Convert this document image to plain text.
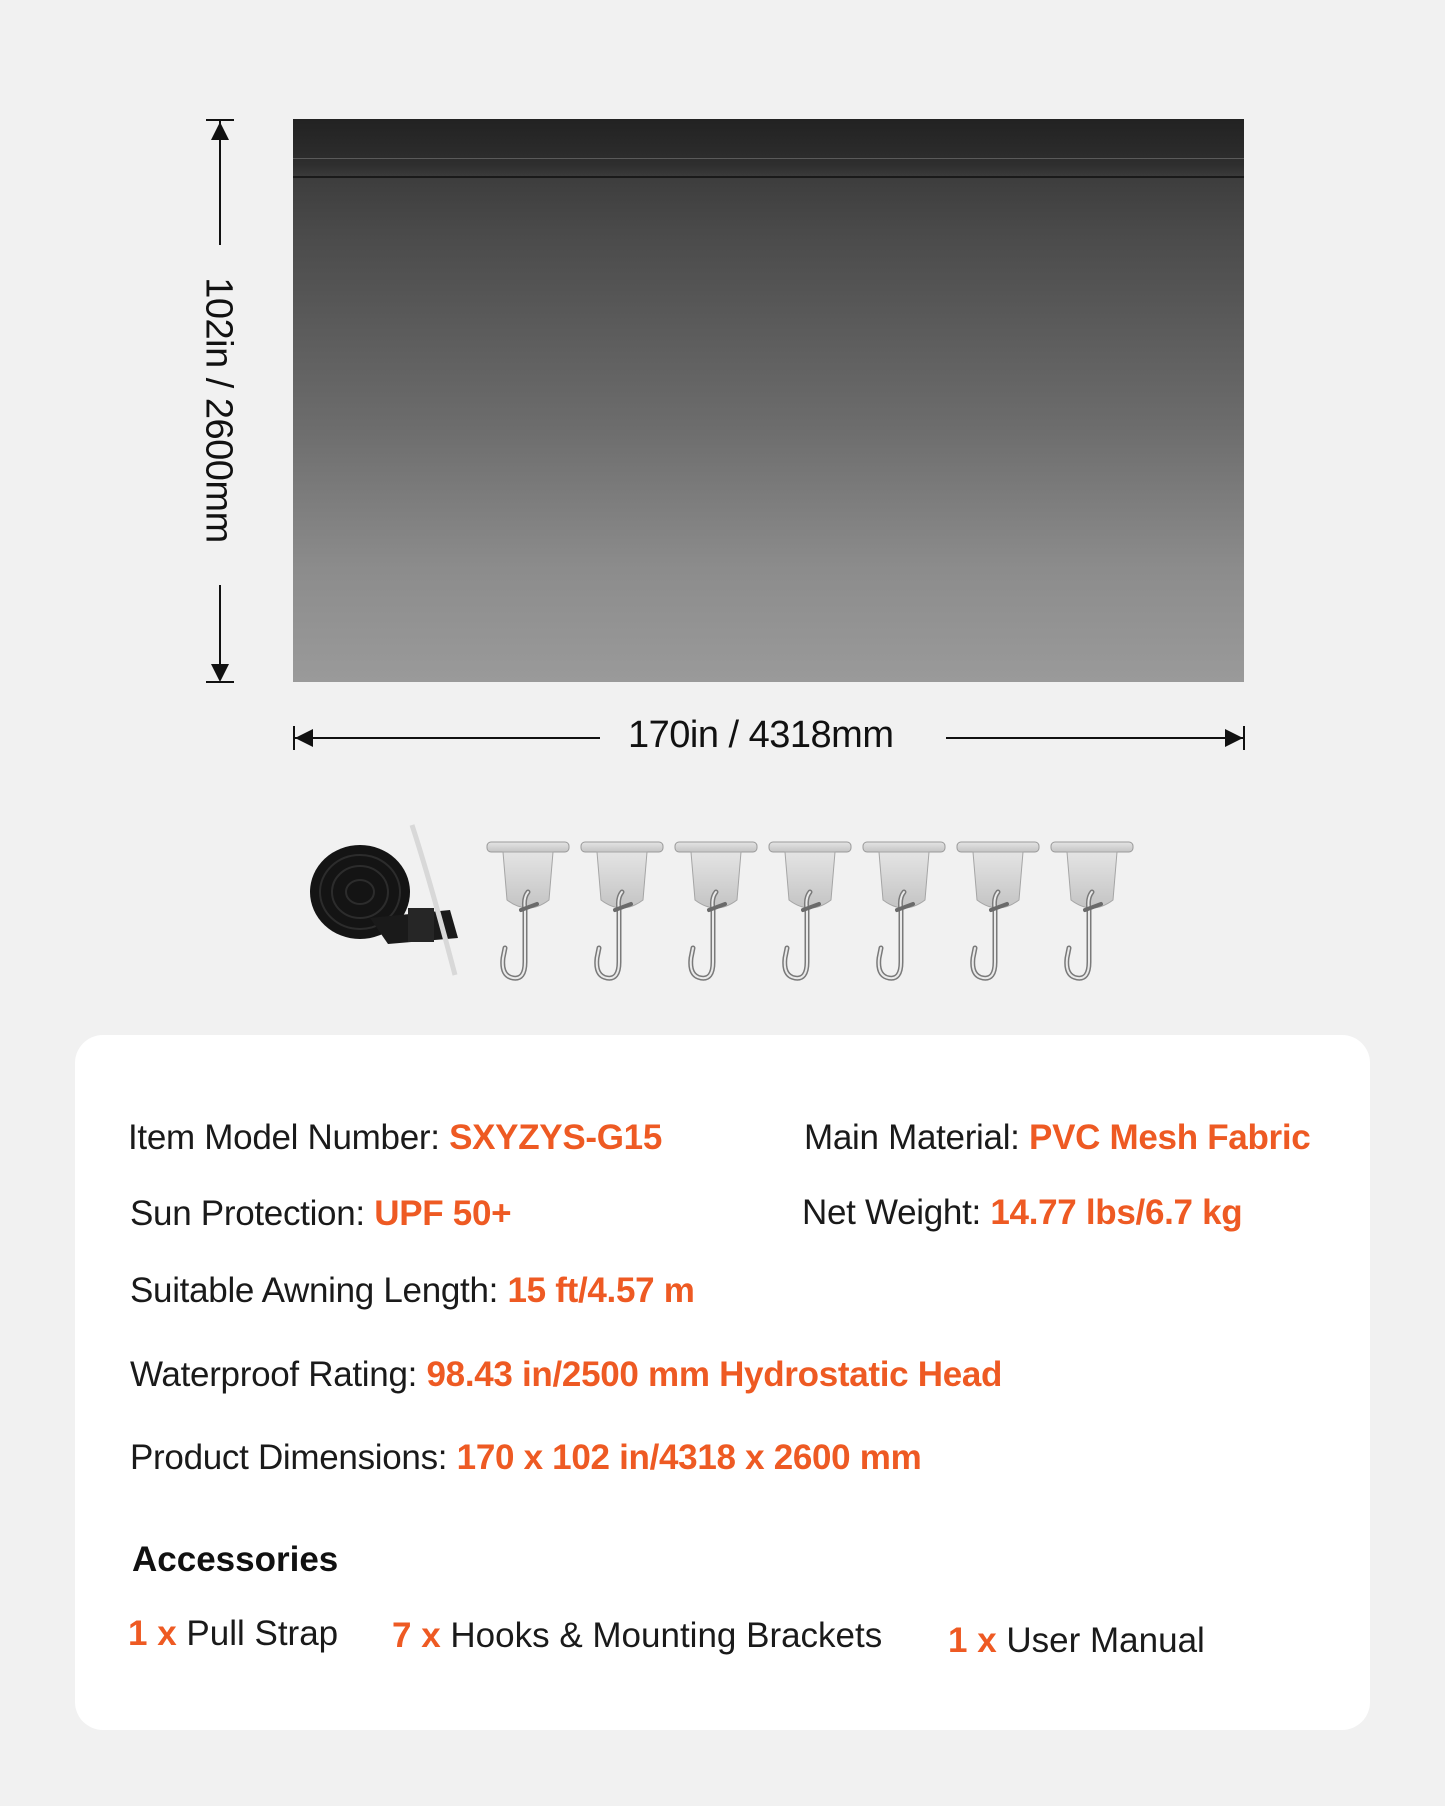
102in / 2600mm
170in / 4318mm
Item Model Number: SXYZYS-G15	Main Material: PVC Mesh Fabric
Sun Protection: UPF 50+	Net Weight: 14.77 lbs/6.7 kg
Suitable Awning Length: 15 ft/4.57 m
Waterproof Rating: 98.43 in/2500 mm Hydrostatic Head
Product Dimensions: 170 x 102 in/4318 x 2600 mm
Accessories
1 x Pull Strap 7 x Hooks & Mounting Brackets 1 x User Manual
